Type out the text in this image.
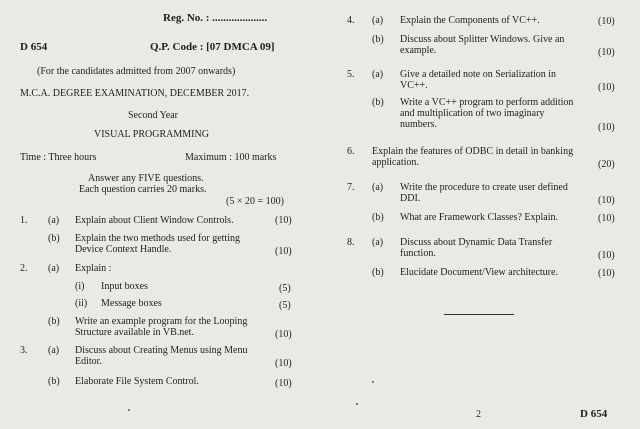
Reg. No. : ....................
D 654	Q.P. Code : [07 DMCA 09]
(For the candidates admitted from 2007 onwards)
M.C.A. DEGREE EXAMINATION, DECEMBER 2017.
Second Year
VISUAL PROGRAMMING
Time : Three hours	Maximum : 100 marks
Answer any FIVE questions.
Each question carries 20 marks.
(5 × 20 = 100)
1. (a) Explain about Client Window Controls.	(10)
(b) Explain the two methods used for getting
Device Context Handle.	(10)
2. (a) Explain :
(i) Input boxes	(5)
(ii) Message boxes	(5)
(b) Write an example program for the Looping
Structure available in VB.net.	(10)
3. (a) Discuss about Creating Menus using Menu
Editor.	(10)
(b) Elaborate File System Control.	(10)
4. (a) Explain the Components of VC++.	(10)
(b) Discuss about Splitter Windows. Give an
example.	(10)
5. (a) Give a detailed note on Serialization in
VC++.	(10)
(b) Write a VC++ program to perform addition
and multiplication of two imaginary
numbers.	(10)
6. Explain the features of ODBC in detail in banking
application.	(20)
7. (a) Write the procedure to create user defined
DDI.	(10)
(b) What are Framework Classes? Explain.	(10)
8. (a) Discuss about Dynamic Data Transfer
function.	(10)
(b) Elucidate Document/View architecture.	(10)
2	D 654
